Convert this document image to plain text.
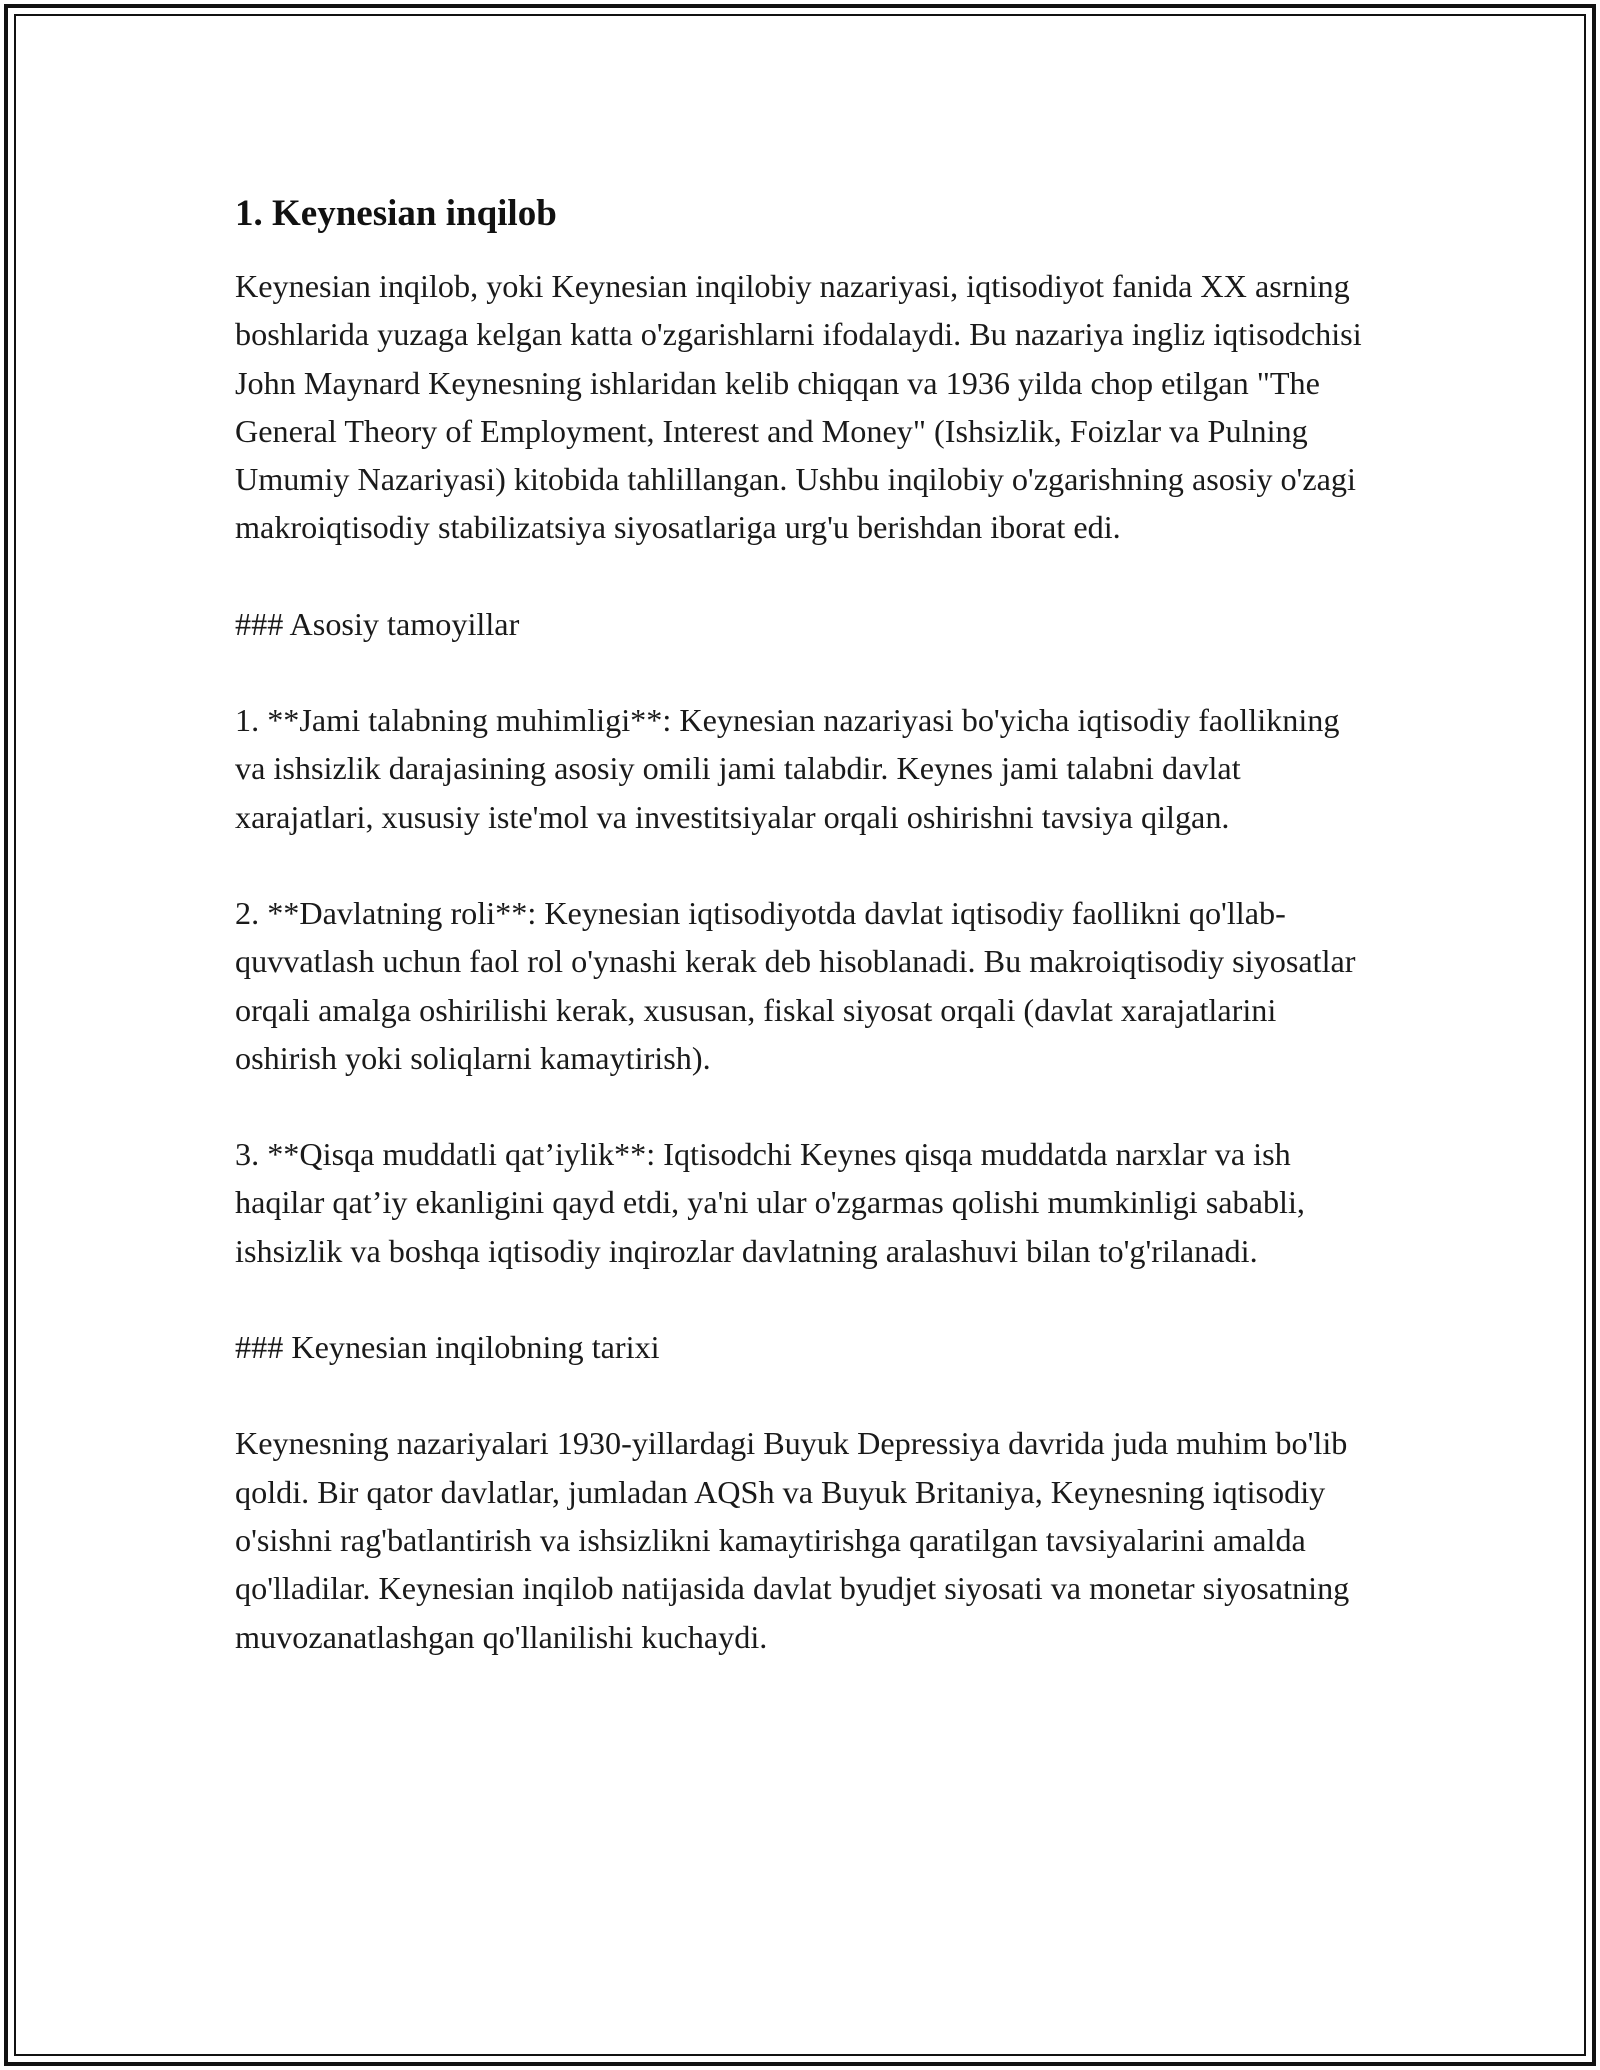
1. Keynesian inqilob

Keynesian inqilob, yoki Keynesian inqilobiy nazariyasi, iqtisodiyot fanida XX asrning boshlarida yuzaga kelgan katta o'zgarishlarni ifodalaydi. Bu nazariya ingliz iqtisodchisi John Maynard Keynesning ishlaridan kelib chiqqan va 1936 yilda chop etilgan "The General Theory of Employment, Interest and Money" (Ishsizlik, Foizlar va Pulning Umumiy Nazariyasi) kitobida tahlillangan. Ushbu inqilobiy o'zgarishning asosiy o'zagi makroiqtisodiy stabilizatsiya siyosatlariga urg'u berishdan iborat edi.

### Asosiy tamoyillar

1. **Jami talabning muhimligi**: Keynesian nazariyasi bo'yicha iqtisodiy faollikning va ishsizlik darajasining asosiy omili jami talabdir. Keynes jami talabni davlat xarajatlari, xususiy iste'mol va investitsiyalar orqali oshirishni tavsiya qilgan.

2. **Davlatning roli**: Keynesian iqtisodiyotda davlat iqtisodiy faollikni qo'llab-quvvatlash uchun faol rol o'ynashi kerak deb hisoblanadi. Bu makroiqtisodiy siyosatlar orqali amalga oshirilishi kerak, xususan, fiskal siyosat orqali (davlat xarajatlarini oshirish yoki soliqlarni kamaytirish).

3. **Qisqa muddatli qat’iylik**: Iqtisodchi Keynes qisqa muddatda narxlar va ish haqilar qat’iy ekanligini qayd etdi, ya'ni ular o'zgarmas qolishi mumkinligi sababli, ishsizlik va boshqa iqtisodiy inqirozlar davlatning aralashuvi bilan to'g'rilanadi.

### Keynesian inqilobning tarixi

Keynesning nazariyalari 1930-yillardagi Buyuk Depressiya davrida juda muhim bo'lib qoldi. Bir qator davlatlar, jumladan AQSh va Buyuk Britaniya, Keynesning iqtisodiy o'sishni rag'batlantirish va ishsizlikni kamaytirishga qaratilgan tavsiyalarini amalda qo'lladilar. Keynesian inqilob natijasida davlat byudjet siyosati va monetar siyosatning muvozanatlashgan qo'llanilishi kuchaydi.
